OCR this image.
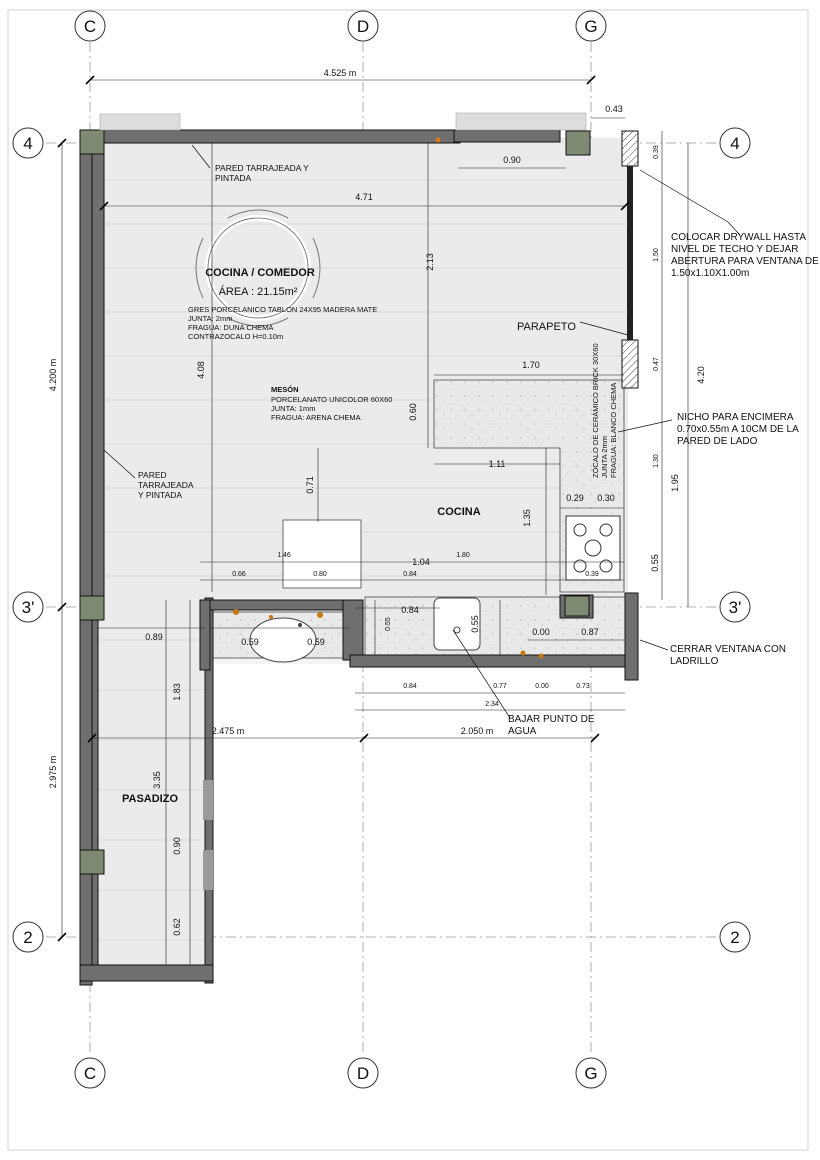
C	D	G
C	D	G
4	4
3'	3'
2	2
4.525 m
0.43
0.90
4.71
2.13
4.08	1.70
0.60
1.11
0.71
1.35
0.29 0.30
1.46
1.04
1.80
0.66	0.80	0.84	0.39
4.200 m
2.975 m
0.39
1.50
0.47
4.20
1.30
1.95
0.55
0.89	0.59	0.59
0.84
0.55	0.55	0.00	0.87
0.84	0.77	0.00	0.73
2.34
2.475 m	2.050 m
1.83
3.35
0.90
0.62
PARED TARRAJEADA Y
PINTADA
PARED
TARRAJEADA
Y PINTADA
COLOCAR DRYWALL HASTA
NIVEL DE TECHO Y DEJAR
ABERTURA PARA VENTANA DE
1.50x1.10X1.00m
PARAPETO
NICHO PARA ENCIMERA
0.70x0.55m A 10CM DE LA
PARED DE LADO
CERRAR VENTANA CON
LADRILLO
BAJAR PUNTO DE
AGUA
ZÓCALO DE CERÁMICO BRICK 30X60 JUNTA 2mm FRAGUA: BLANCO CHEMA
COCINA / COMEDOR
ÁREA : 21.15m²
GRES PORCELANICO TABLON 24X95 MADERA MATE
JUNTA: 2mm
FRAGUA: DUNA CHEMA
CONTRAZOCALO H=0.10m
MESÓN
PORCELANATO UNICOLOR 60X60
JUNTA: 1mm
FRAGUA: ARENA CHEMA
COCINA
PASADIZO
